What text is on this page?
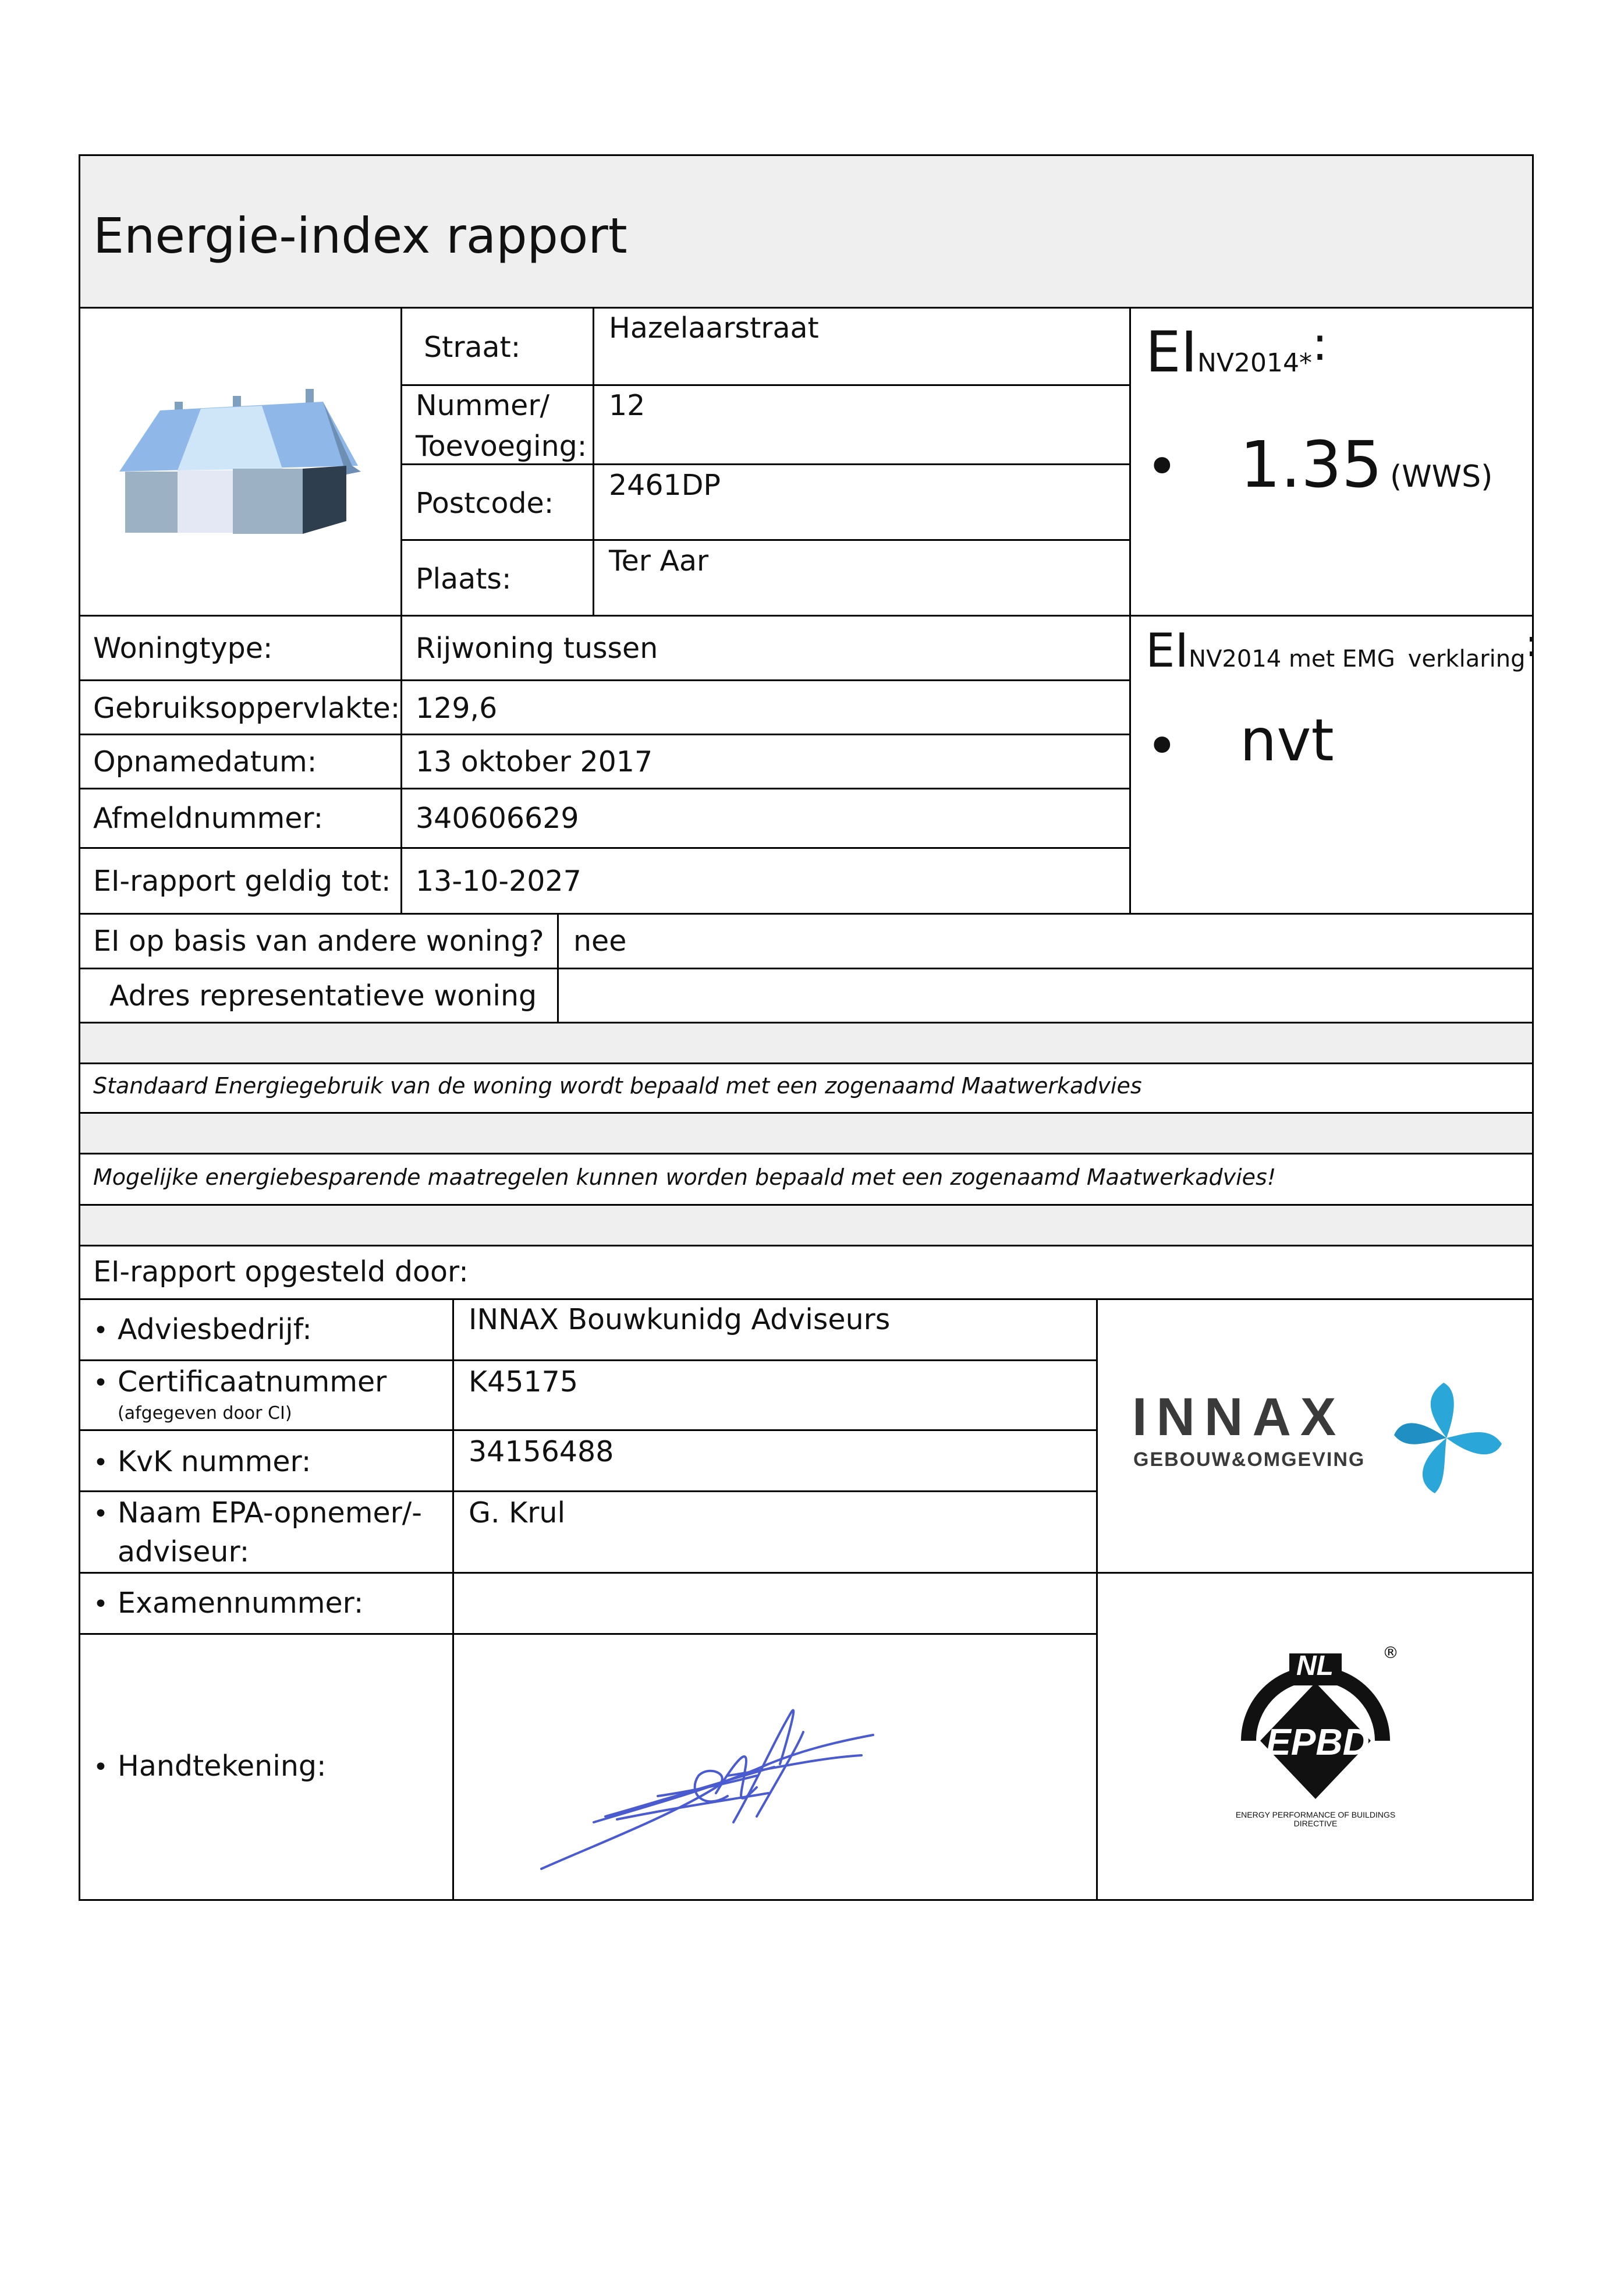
Energie-index rapport
Straat:
Hazelaarstraat
Nummer/
Toevoeging:
12
Postcode:
2461DP
Plaats:
Ter Aar
EINV2014*:
• 1.35 (WWS)
EINV2014 met EMG verklaring:
• nvt
Woningtype:	Rijwoning tussen
Gebruiksoppervlakte: 129,6
Opnamedatum:	13 oktober 2017
Afmeldnummer:	340606629
EI-rapport geldig tot: 13-10-2027
EI op basis van andere woning? nee
Adres representatieve woning
Standaard Energiegebruik van de woning wordt bepaald met een zogenaamd Maatwerkadvies
Mogelijke energiebesparende maatregelen kunnen worden bepaald met een zogenaamd Maatwerkadvies!
EI-rapport opgesteld door:
• Adviesbedrijf:	INNAX Bouwkunidg Adviseurs
• Certificaatnummer
(afgegeven door CI)
K45175
• KvK nummer:	34156488
• Naam EPA-opnemer/-
adviseur:
G. Krul
• Examennummer:
• Handtekening:
INNAX
GEBOUW&OMGEVING
NL
EPBD
ENERGY PERFORMANCE OF BUILDINGS DIRECTIVE
®
